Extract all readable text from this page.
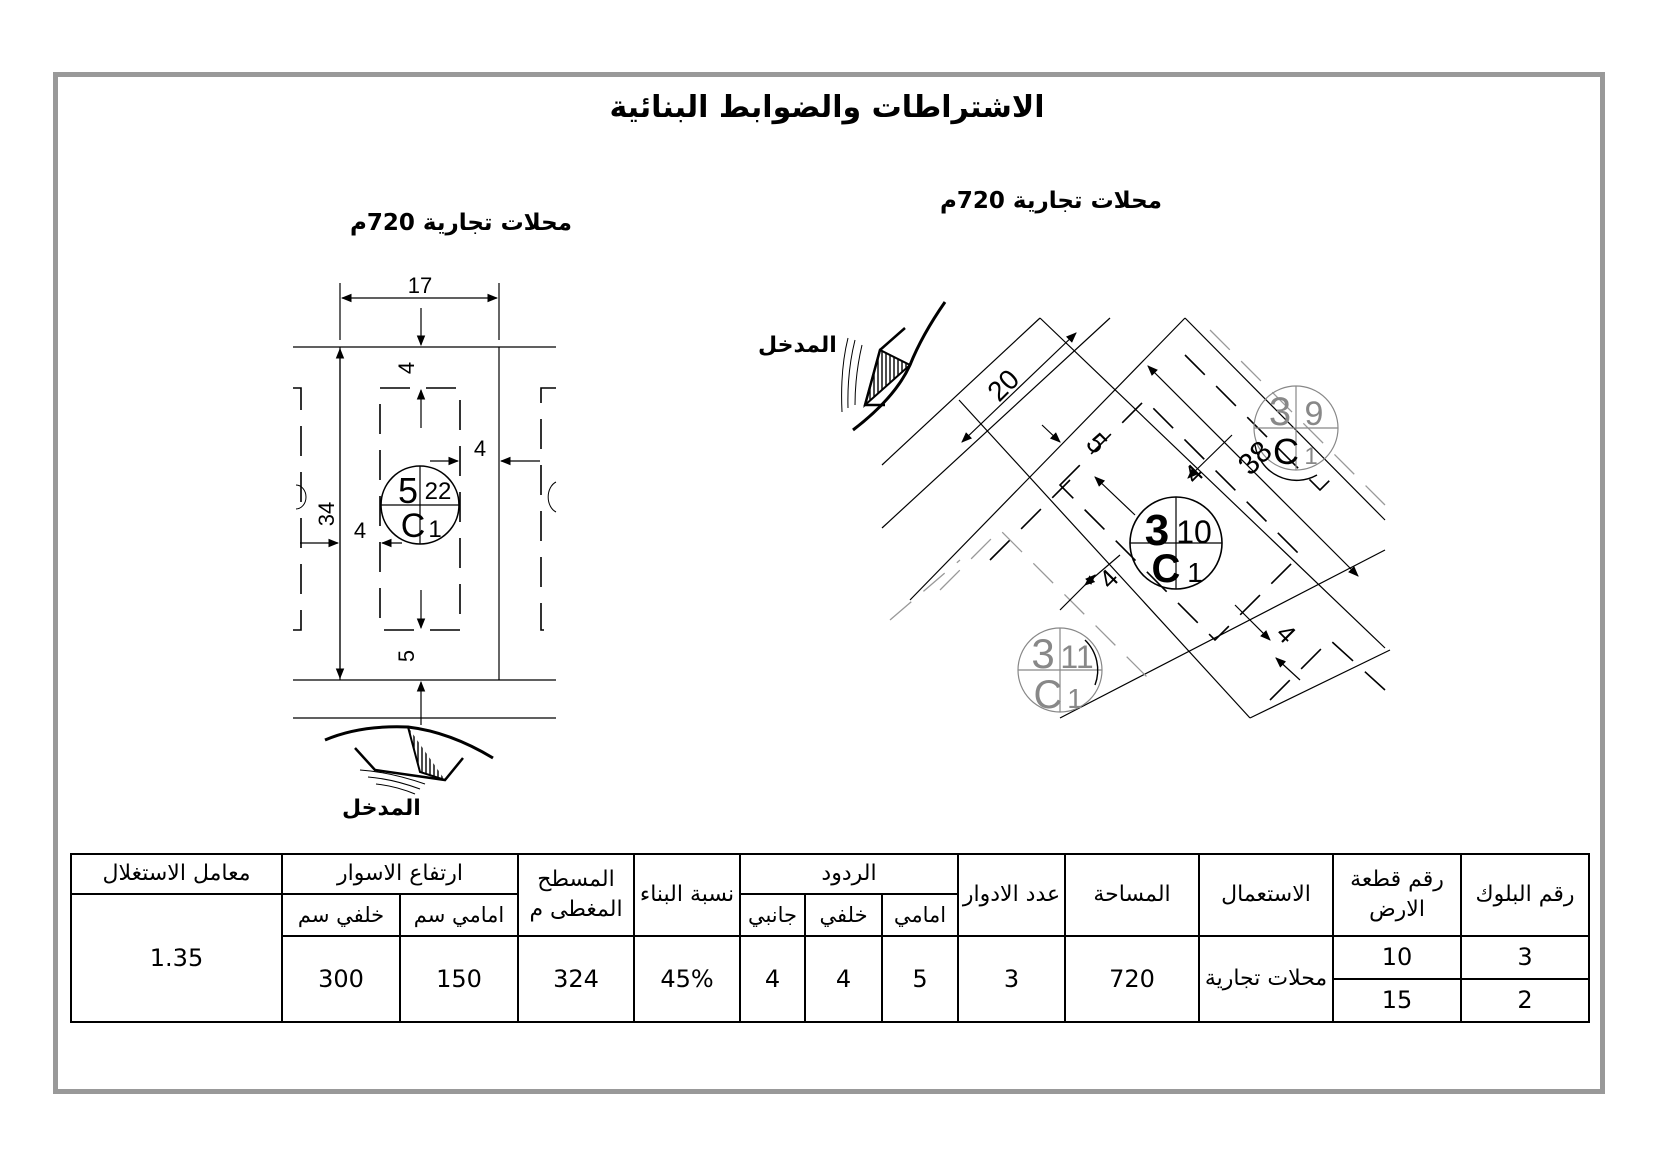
الاشتراطات والضوابط البنائية
محلات تجارية 720م
محلات تجارية 720م
17
34
4
4
4
5
5 22
C 1
20
5
4
4
4
3 10
C 1
3 9
38
C 1
3 11
C 1
المدخل
المدخل
رقم البلوك	رقم قطعة الارض	الاستعمال	المساحة	عدد الادوار	الردود			نسبة البناء	المسطح المغطى م	ارتفاع الاسوار		معامل الاستغلال
					امامي	خلفي	جانبي			امامي سم	خلفي سم	1.35
3	10	محلات تجارية	720	3	5	4	4	45%	324	150	300	
2	15											
